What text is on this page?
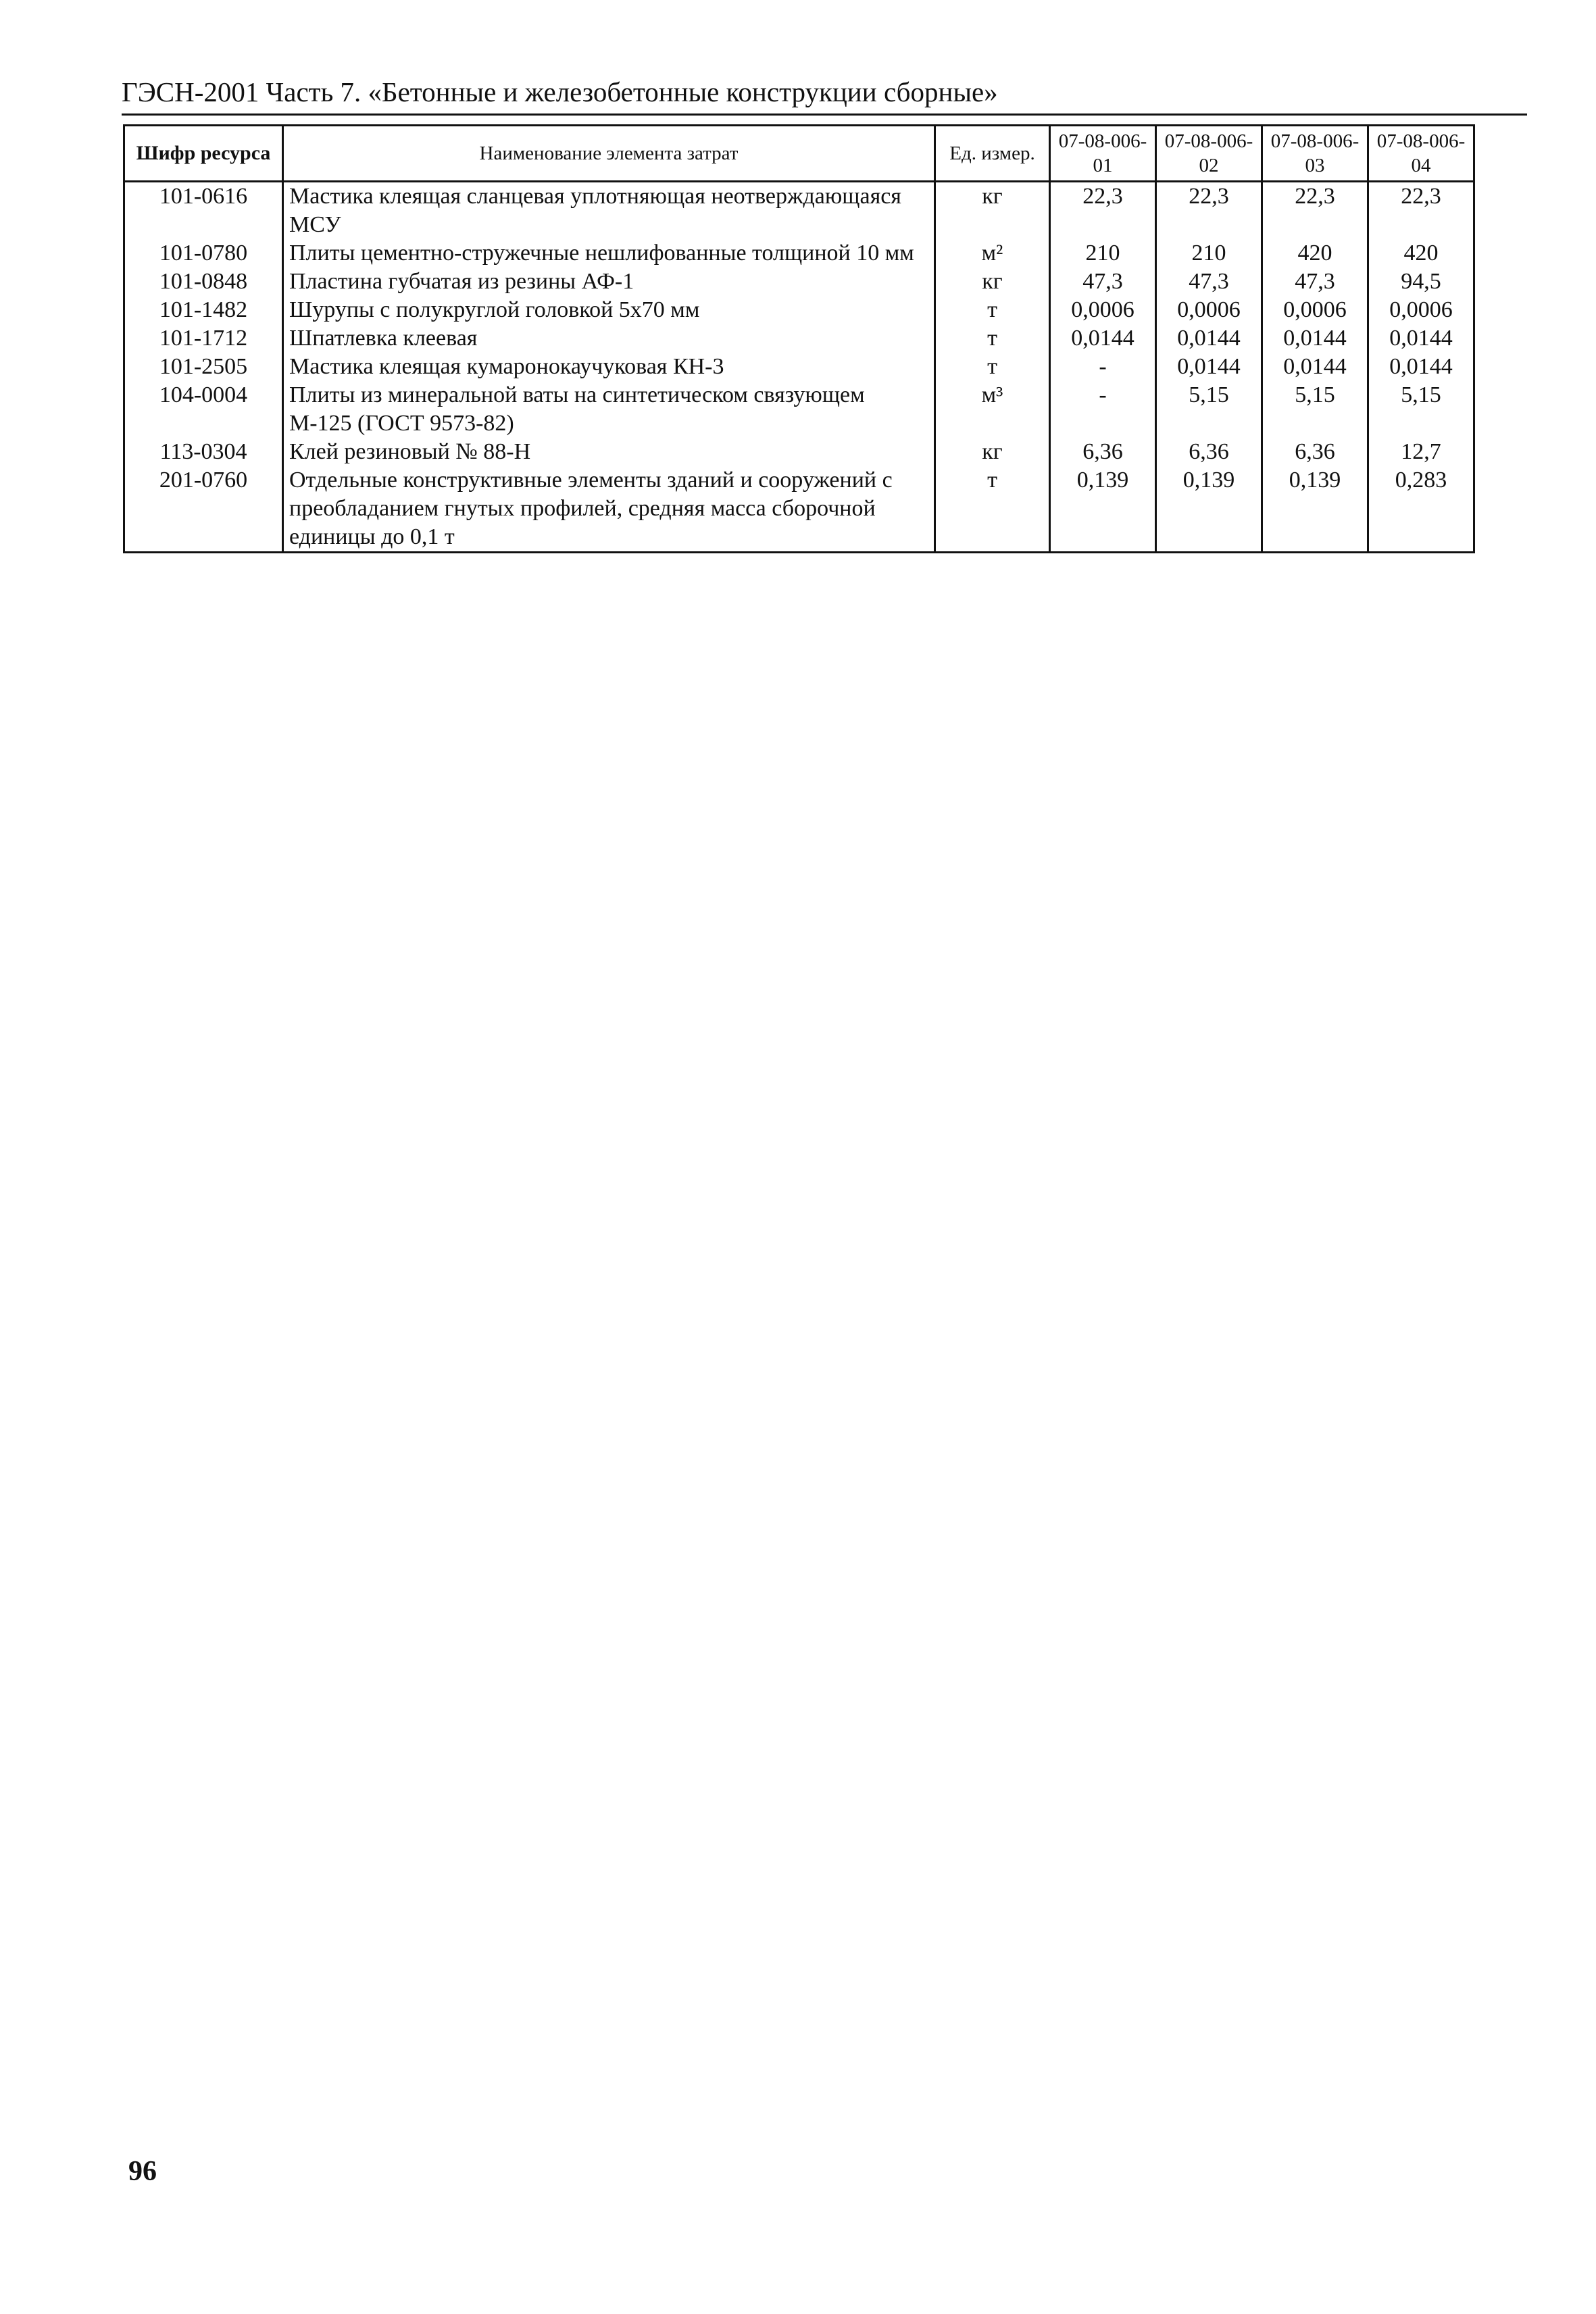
ГЭСН-2001 Часть 7. «Бетонные и железобетонные конструкции сборные»
Шифр ресурса	Наименование элемента затрат	Ед. измер.	07-08-006-01	07-08-006-02	07-08-006-03	07-08-006-04
101-0616	Мастика клеящая сланцевая уплотняющая неотверждающаяся МСУ	кг	22,3	22,3	22,3	22,3
101-0780	Плиты цементно-стружечные нешлифованные толщиной 10 мм	м²	210	210	420	420
101-0848	Пластина губчатая из резины АФ-1	кг	47,3	47,3	47,3	94,5
101-1482	Шурупы с полукруглой головкой 5х70 мм	т	0,0006	0,0006	0,0006	0,0006
101-1712	Шпатлевка клеевая	т	0,0144	0,0144	0,0144	0,0144
101-2505	Мастика клеящая кумаронокаучуковая КН-3	т	-	0,0144	0,0144	0,0144
104-0004	Плиты из минеральной ваты на синтетическом связующем М-125 (ГОСТ 9573-82)	м³	-	5,15	5,15	5,15
113-0304	Клей резиновый № 88-Н	кг	6,36	6,36	6,36	12,7
201-0760	Отдельные конструктивные элементы зданий и сооружений с преобладанием гнутых профилей, средняя масса сборочной единицы до 0,1 т	т	0,139	0,139	0,139	0,283
96
